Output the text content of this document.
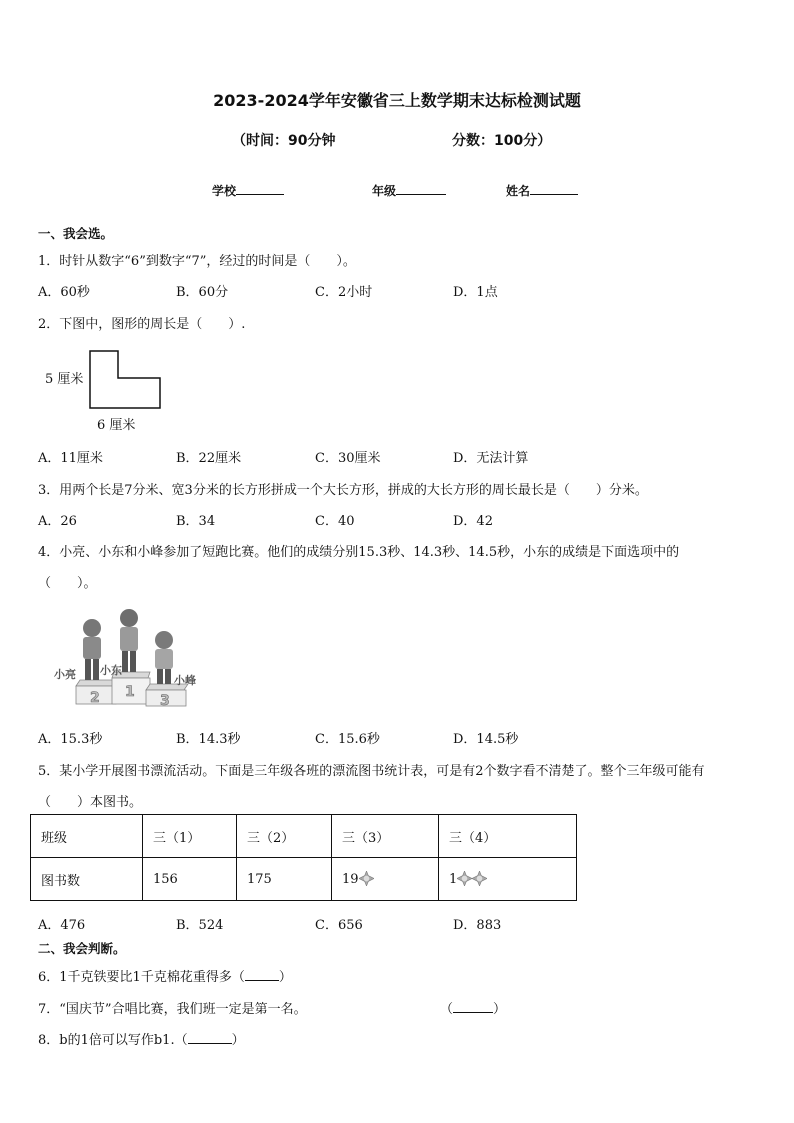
2023-2024学年安徽省三上数学期末达标检测试题
（时间：90分钟	分数：100分）
学校	年级	姓名
一、我会选。
1．时针从数字“6”到数字“7”，经过的时间是（　　）。
A．60秒	B．60分	C．2小时	D．1点
2．下图中，图形的周长是（　　）.
5 厘米
6 厘米
A．11厘米	B．22厘米	C．30厘米	D．无法计算
3．用两个长是7分米、宽3分米的长方形拼成一个大长方形，拼成的大长方形的周长最长是（　　）分米。
A．26	B．34	C．40	D．42
4．小亮、小东和小峰参加了短跑比赛。他们的成绩分别15.3秒、14.3秒、14.5秒，小东的成绩是下面选项中的
（　　）。
2 1
3
小亮 小东
小峰
A．15.3秒	B．14.3秒	C．15.6秒	D．14.5秒
5．某小学开展图书漂流活动。下面是三年级各班的漂流图书统计表，可是有2个数字看不清楚了。整个三年级可能有
（　　）本图书。
班级	三（1）	三（2）	三（3）	三（4）
图书数	156	175	19	1
A．476	B．524	C．656	D．883
二、我会判断。
6．1千克铁要比1千克棉花重得多（	）
7．“国庆节”合唱比赛，我们班一定是第一名。	（	）
8．b的1倍可以写作b1.（	）
